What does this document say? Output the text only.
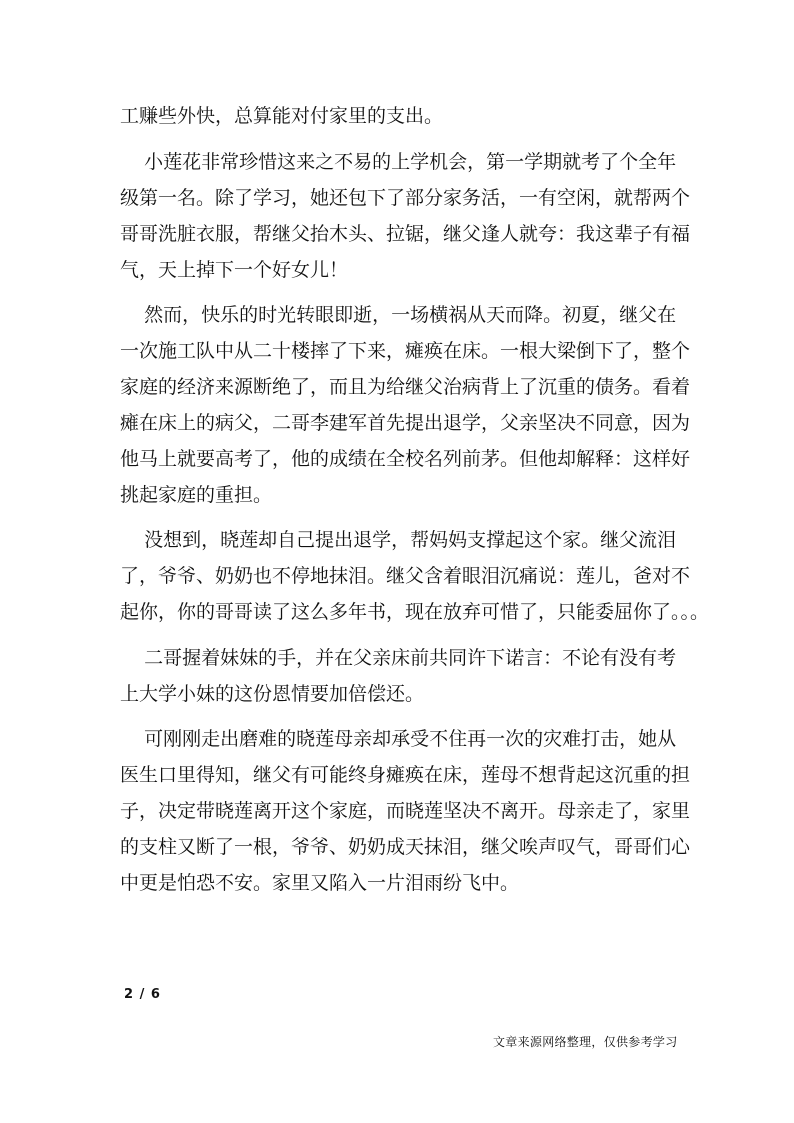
工赚些外快，总算能对付家里的支出。
小莲花非常珍惜这来之不易的上学机会，第一学期就考了个全年
级第一名。除了学习，她还包下了部分家务活，一有空闲，就帮两个
哥哥洗脏衣服，帮继父抬木头、拉锯，继父逢人就夸：我这辈子有福
气，天上掉下一个好女儿！
然而，快乐的时光转眼即逝，一场横祸从天而降。初夏，继父在
一次施工队中从二十楼摔了下来，瘫痪在床。一根大梁倒下了，整个
家庭的经济来源断绝了，而且为给继父治病背上了沉重的债务。看着
瘫在床上的病父，二哥李建军首先提出退学，父亲坚决不同意，因为
他马上就要高考了，他的成绩在全校名列前茅。但他却解释：这样好
挑起家庭的重担。
没想到，晓莲却自己提出退学，帮妈妈支撑起这个家。继父流泪
了，爷爷、奶奶也不停地抹泪。继父含着眼泪沉痛说：莲儿，爸对不
起你，你的哥哥读了这么多年书，现在放弃可惜了，只能委屈你了。。。
二哥握着妹妹的手，并在父亲床前共同许下诺言：不论有没有考
上大学小妹的这份恩情要加倍偿还。
可刚刚走出磨难的晓莲母亲却承受不住再一次的灾难打击，她从
医生口里得知，继父有可能终身瘫痪在床，莲母不想背起这沉重的担
子，决定带晓莲离开这个家庭，而晓莲坚决不离开。母亲走了，家里
的支柱又断了一根，爷爷、奶奶成天抹泪，继父唉声叹气，哥哥们心
中更是怕恐不安。家里又陷入一片泪雨纷飞中。
2 / 6
文章来源网络整理，仅供参考学习
